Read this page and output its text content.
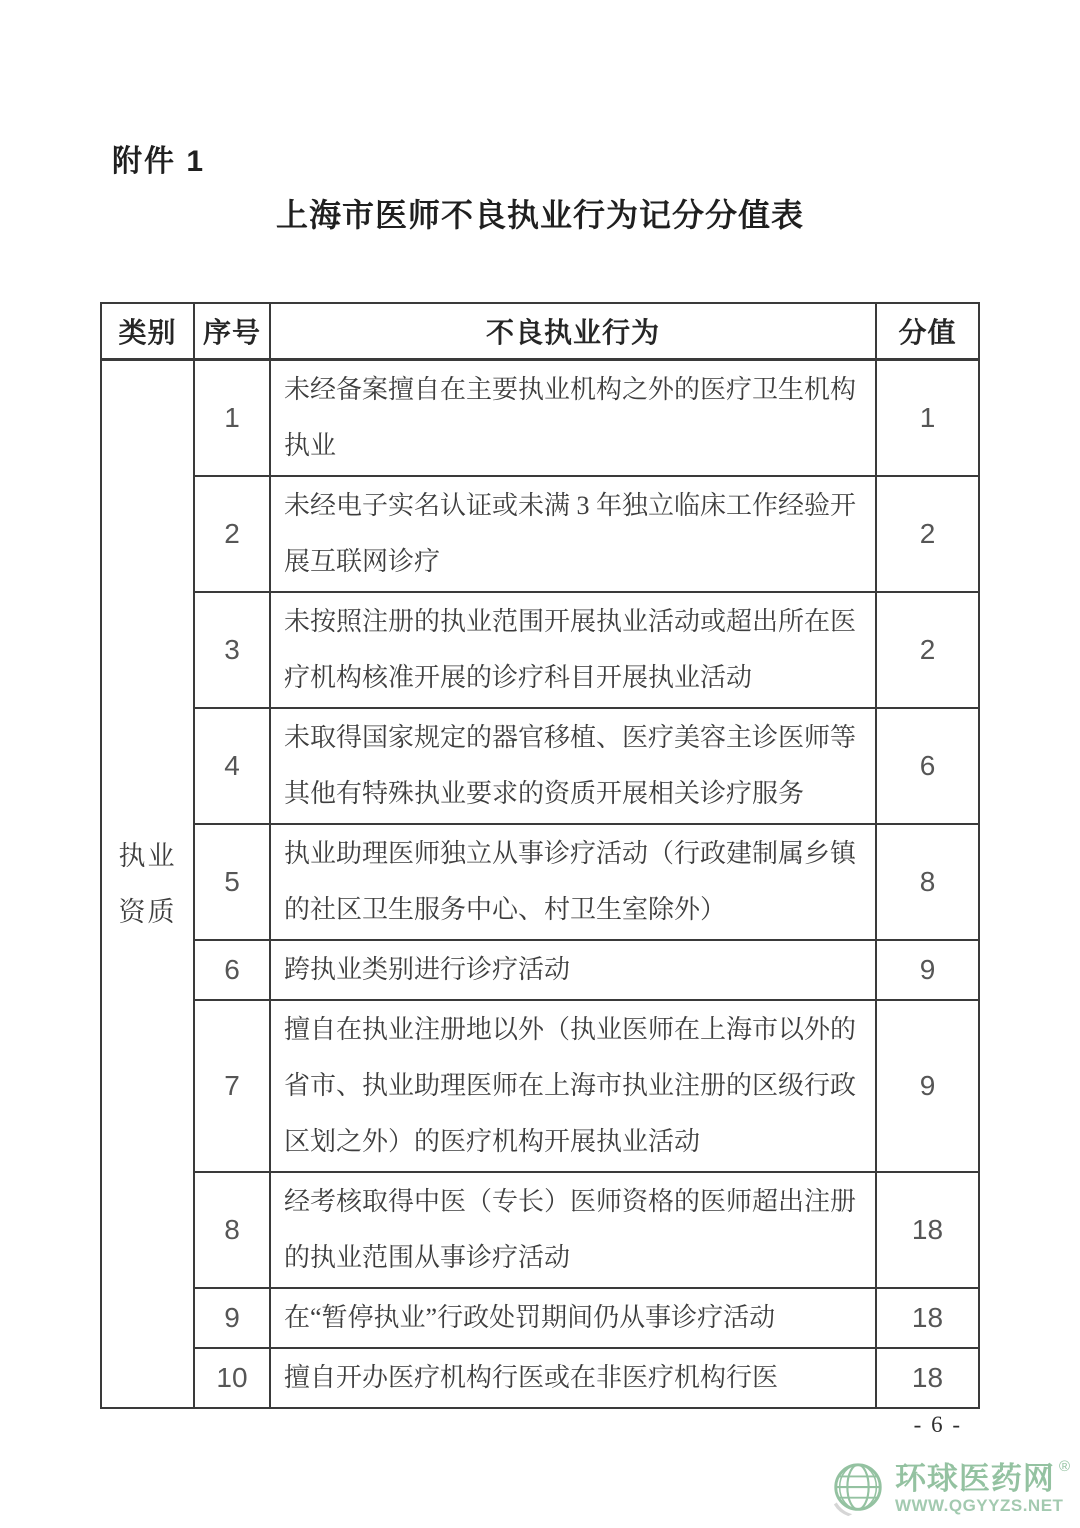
附件 1
上海市医师不良执业行为记分分值表
类别	序号	不良执业行为	分值

执业
资质	1	未经备案擅自在主要执业机构之外的医疗卫生机构执业	1
	2	未经电子实名认证或未满 3 年独立临床工作经验开展互联网诊疗	2
	3	未按照注册的执业范围开展执业活动或超出所在医疗机构核准开展的诊疗科目开展执业活动	2
	4	未取得国家规定的器官移植、医疗美容主诊医师等其他有特殊执业要求的资质开展相关诊疗服务	6
	5	执业助理医师独立从事诊疗活动（行政建制属乡镇的社区卫生服务中心、村卫生室除外）	8
	6	跨执业类别进行诊疗活动	9
	7	擅自在执业注册地以外（执业医师在上海市以外的省市、执业助理医师在上海市执业注册的区级行政区划之外）的医疗机构开展执业活动	9
	8	经考核取得中医（专长）医师资格的医师超出注册的执业范围从事诊疗活动	18
	9	在“暂停执业”行政处罚期间仍从事诊疗活动	18
	10	擅自开办医疗机构行医或在非医疗机构行医	18
- 6 -
环球医药网 ®
WWW.QGYYZS.NET
